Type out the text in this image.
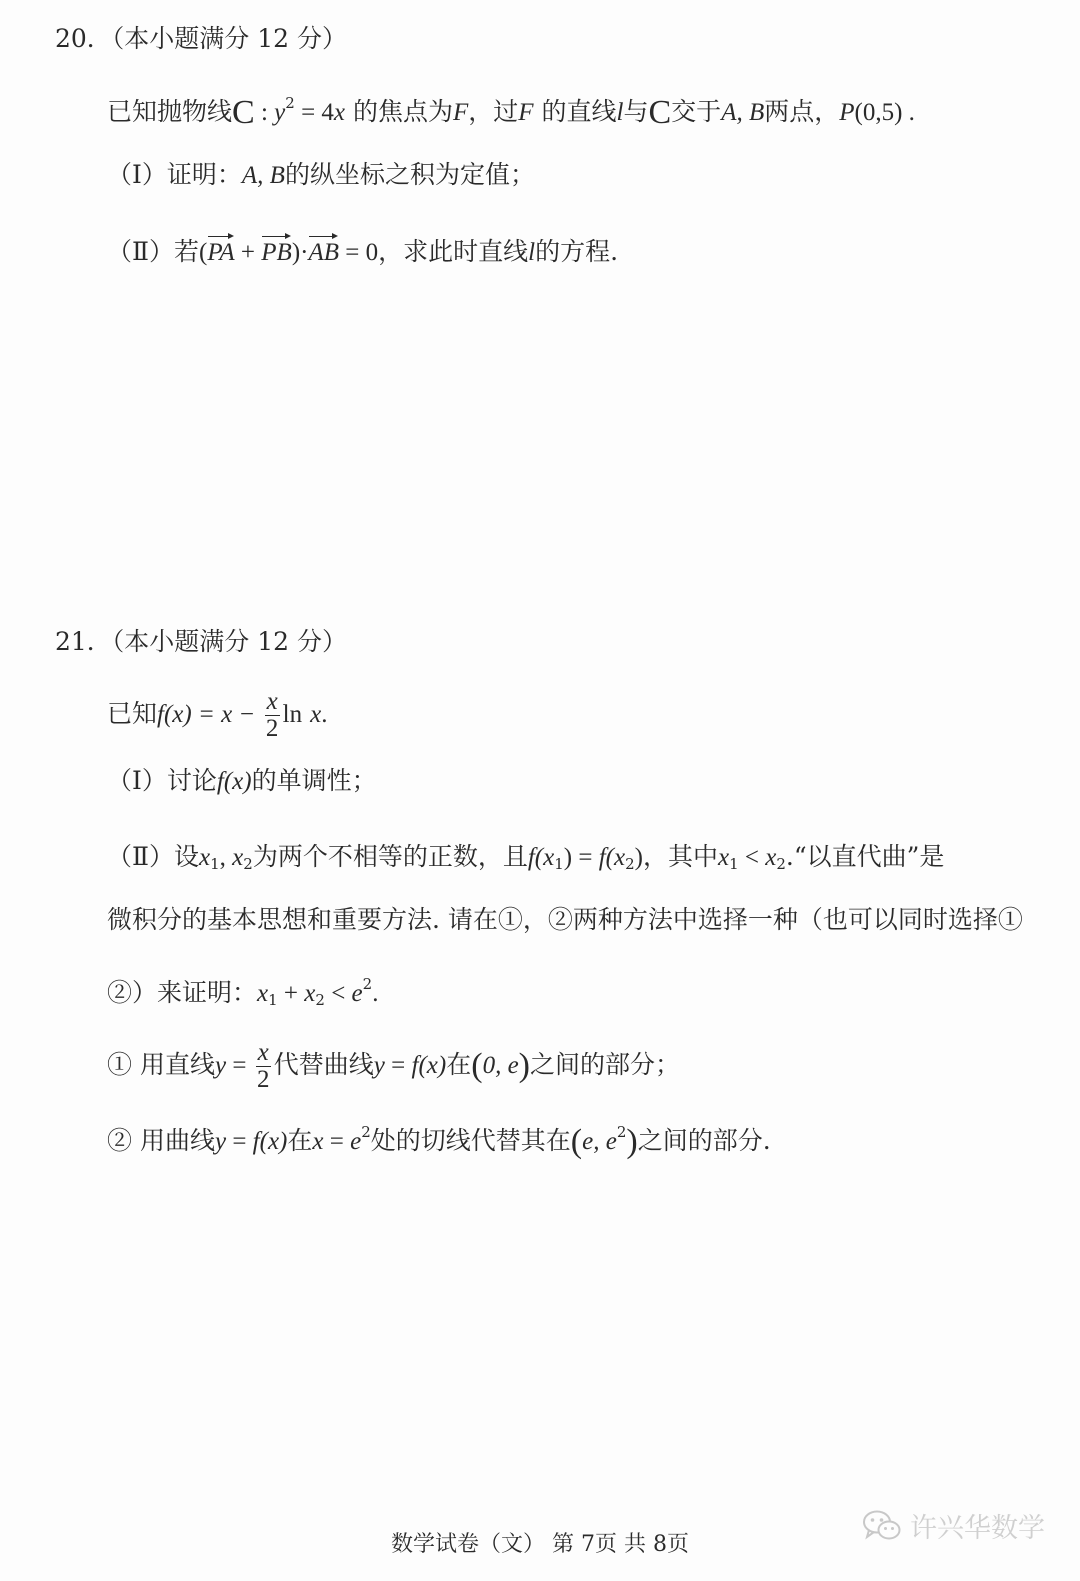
20．（本小题满分 12 分）
已知抛物线C : $y^2 = 4x$ 的焦点为F，过F 的直线l与C交于A, B两点，P(0,5) .
（Ⅰ）证明：A, B的纵坐标之积为定值；
（Ⅱ）若(PA + PB)·AB = 0，求此时直线l的方程.
21．（本小题满分 12 分）
已知$f(x) = x - \frac{x}{2}$ ln x.
（Ⅰ）讨论f(x)的单调性；
（Ⅱ）设$x_1$, $x_2$为两个不相等的正数，且$f(x_1) = f(x_2)$，其中$x_1$ < $x_2.“$以直代曲”是
微积分的基本思想和重要方法. 请在①，②两种方法中选择一种（也可以同时选择①
②）来证明：$x_1 + x_2 < e^2$.
① 用直线$y = \frac{x}{2}$ 代替曲线y = f(x)在(0, e)之间的部分；
② 用曲线y = f(x)在$x = e^2$处的切线代替其在(e, $e^2$)之间的部分.
数学试卷（文） 第 7页 共 8页
许兴华数学
